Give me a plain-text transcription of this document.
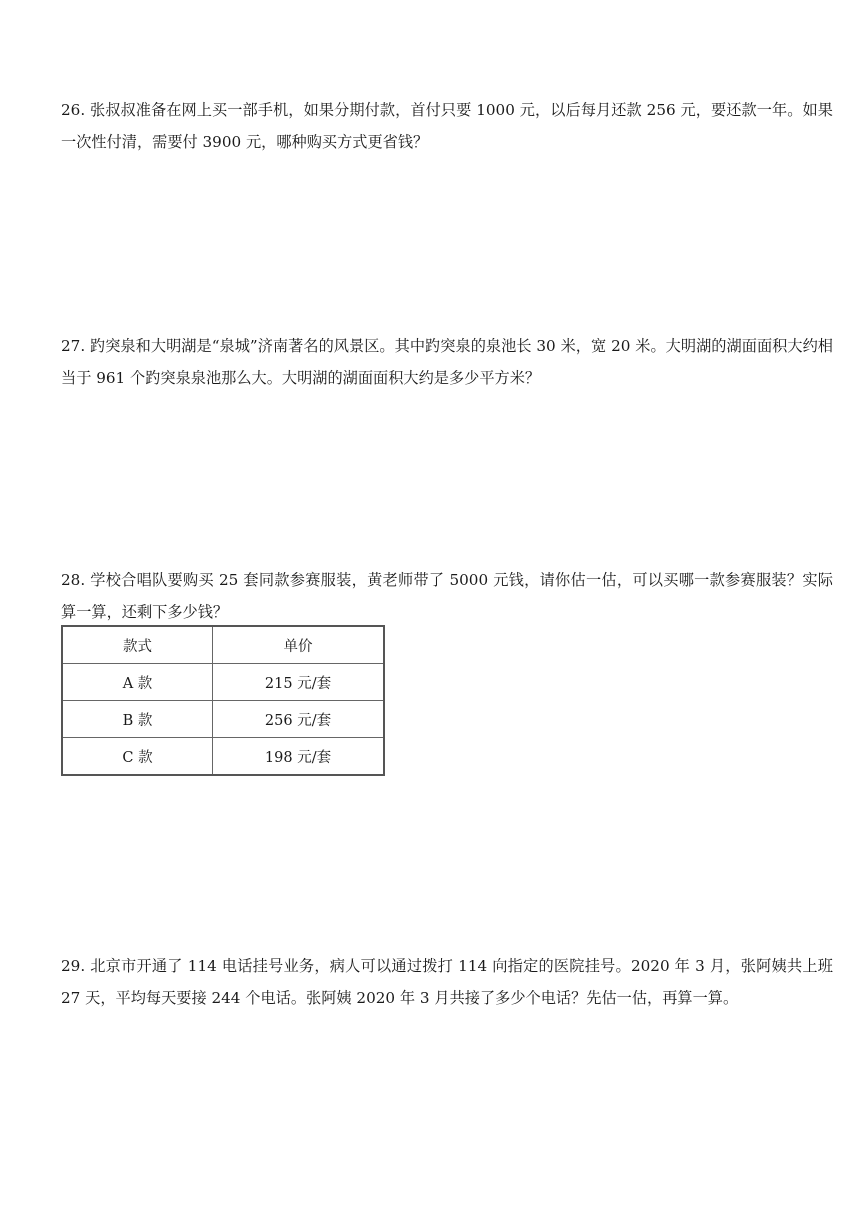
26. 张叔叔准备在网上买一部手机，如果分期付款，首付只要 1000 元，以后每月还款 256 元，要还款一年。如果一次性付清，需要付 3900 元，哪种购买方式更省钱？

27. 趵突泉和大明湖是“泉城”济南著名的风景区。其中趵突泉的泉池长 30 米，宽 20 米。大明湖的湖面面积大约相当于 961 个趵突泉泉池那么大。大明湖的湖面面积大约是多少平方米？

28. 学校合唱队要购买 25 套同款参赛服装，黄老师带了 5000 元钱，请你估一估，可以买哪一款参赛服装？实际算一算，还剩下多少钱？

款式	单价
A 款	215 元/套
B 款	256 元/套
C 款	198 元/套

29. 北京市开通了 114 电话挂号业务，病人可以通过拨打 114 向指定的医院挂号。2020 年 3 月，张阿姨共上班 27 天，平均每天要接 244 个电话。张阿姨 2020 年 3 月共接了多少个电话？先估一估，再算一算。
